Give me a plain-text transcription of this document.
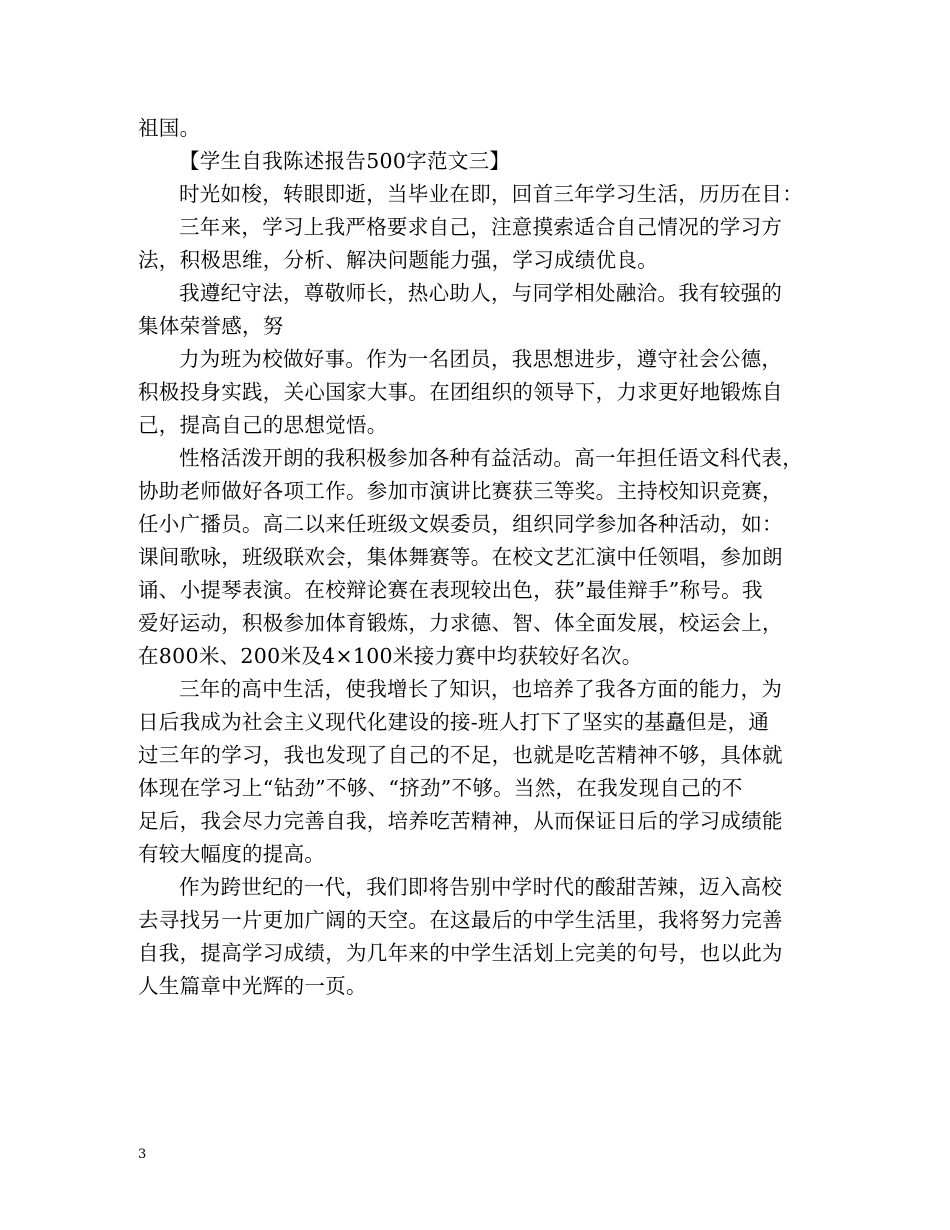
祖国。
【学生自我陈述报告500字范文三】
时光如梭，转眼即逝，当毕业在即，回首三年学习生活，历历在目：
三年来，学习上我严格要求自己，注意摸索适合自己情况的学习方
法，积极思维，分析、解决问题能力强，学习成绩优良。
我遵纪守法，尊敬师长，热心助人，与同学相处融洽。我有较强的
集体荣誉感，努
力为班为校做好事。作为一名团员，我思想进步，遵守社会公德，
积极投身实践，关心国家大事。在团组织的领导下，力求更好地锻炼自
己，提高自己的思想觉悟。
性格活泼开朗的我积极参加各种有益活动。高一年担任语文科代表，
协助老师做好各项工作。参加市演讲比赛获三等奖。主持校知识竞赛，
任小广播员。高二以来任班级文娱委员，组织同学参加各种活动，如：
课间歌咏，班级联欢会，集体舞赛等。在校文艺汇演中任领唱，参加朗
诵、小提琴表演。在校辩论赛在表现较出色，获”最佳辩手”称号。我
爱好运动，积极参加体育锻炼，力求德、智、体全面发展，校运会上，
在800米、200米及4×100米接力赛中均获较好名次。
三年的高中生活，使我增长了知识，也培养了我各方面的能力，为
日后我成为社会主义现代化建设的接-班人打下了坚实的基矗但是，通
过三年的学习，我也发现了自己的不足，也就是吃苦精神不够，具体就
体现在学习上“钻劲”不够、“挤劲”不够。当然，在我发现自己的不
足后，我会尽力完善自我，培养吃苦精神，从而保证日后的学习成绩能
有较大幅度的提高。
作为跨世纪的一代，我们即将告别中学时代的酸甜苦辣，迈入高校
去寻找另一片更加广阔的天空。在这最后的中学生活里，我将努力完善
自我，提高学习成绩，为几年来的中学生活划上完美的句号，也以此为
人生篇章中光辉的一页。
3
